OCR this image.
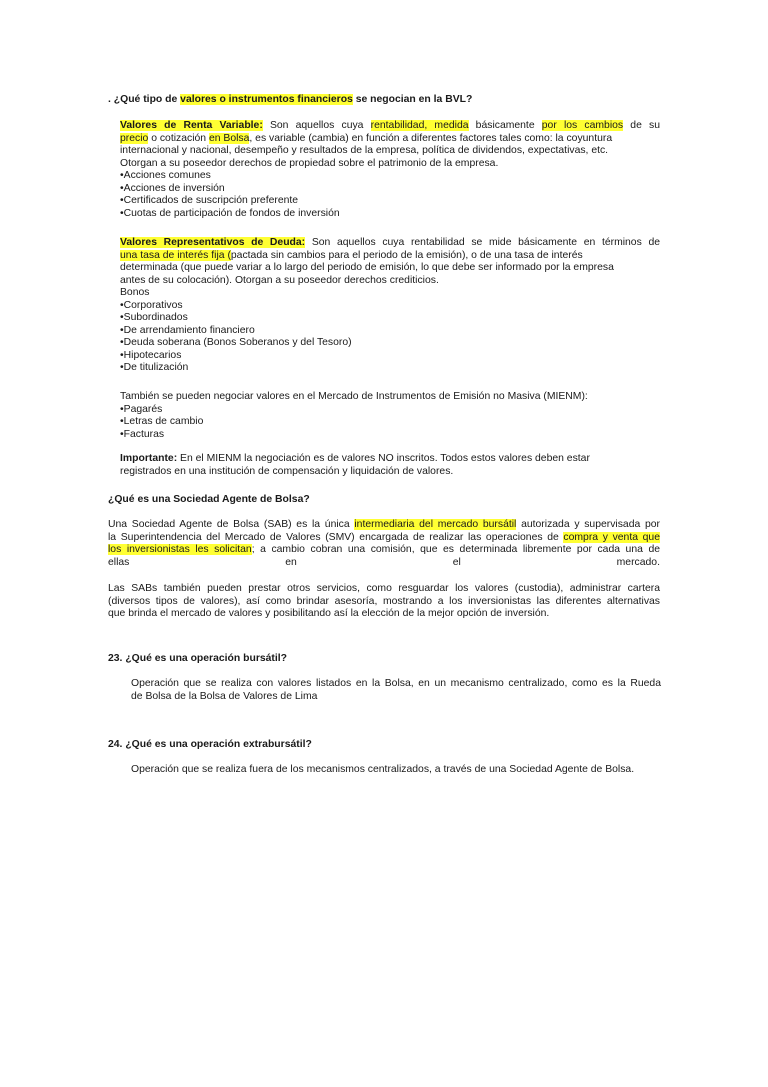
. ¿Qué tipo de valores o instrumentos financieros se negocian en la BVL?
Valores de Renta Variable: Son aquellos cuya rentabilidad, medida básicamente por los cambios de su
precio o cotización en Bolsa, es variable (cambia) en función a diferentes factores tales como: la coyuntura
internacional y nacional, desempeño y resultados de la empresa, política de dividendos, expectativas, etc.
Otorgan a su poseedor derechos de propiedad sobre el patrimonio de la empresa.
•Acciones comunes
•Acciones de inversión
•Certificados de suscripción preferente
•Cuotas de participación de fondos de inversión
Valores Representativos de Deuda: Son aquellos cuya rentabilidad se mide básicamente en términos de
una tasa de interés fija (pactada sin cambios para el periodo de la emisión), o de una tasa de interés
determinada (que puede variar a lo largo del periodo de emisión, lo que debe ser informado por la empresa
antes de su colocación). Otorgan a su poseedor derechos crediticios.
Bonos
•Corporativos
•Subordinados
•De arrendamiento financiero
•Deuda soberana (Bonos Soberanos y del Tesoro)
•Hipotecarios
•De titulización
También se pueden negociar valores en el Mercado de Instrumentos de Emisión no Masiva (MIENM):
•Pagarés
•Letras de cambio
•Facturas
Importante: En el MIENM la negociación es de valores NO inscritos. Todos estos valores deben estar
registrados en una institución de compensación y liquidación de valores.
¿Qué es una Sociedad Agente de Bolsa?
Una Sociedad Agente de Bolsa (SAB) es la única intermediaria del mercado bursátil autorizada y supervisada por
la Superintendencia del Mercado de Valores (SMV) encargada de realizar las operaciones de compra y venta que
los inversionistas les solicitan; a cambio cobran una comisión, que es determinada libremente por cada una de
ellas	en	el	mercado.
Las SABs también pueden prestar otros servicios, como resguardar los valores (custodia), administrar cartera
(diversos tipos de valores), así como brindar asesoría, mostrando a los inversionistas las diferentes alternativas
que brinda el mercado de valores y posibilitando así la elección de la mejor opción de inversión.
23. ¿Qué es una operación bursátil?
Operación que se realiza con valores listados en la Bolsa, en un mecanismo centralizado, como es la Rueda
de Bolsa de la Bolsa de Valores de Lima
24. ¿Qué es una operación extrabursátil?
Operación que se realiza fuera de los mecanismos centralizados, a través de una Sociedad Agente de Bolsa.
